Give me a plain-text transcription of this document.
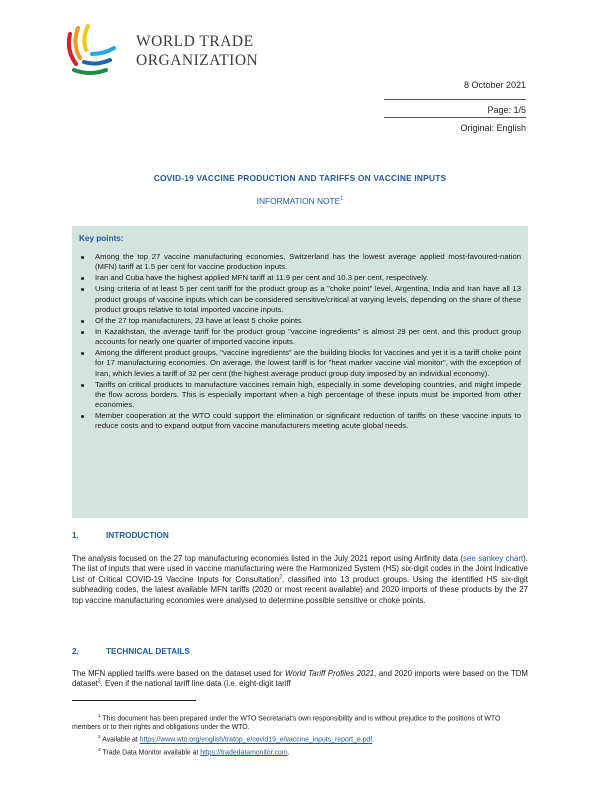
WORLD TRADE
ORGANIZATION
8 October 2021
Page: 1/5
Original: English
COVID-19 VACCINE PRODUCTION AND TARIFFS ON VACCINE INPUTS
INFORMATION NOTE$^1$
Key points:
Among the top 27 vaccine manufacturing economies, Switzerland has the lowest average applied most-favoured-nation (MFN) tariff at 1.5 per cent for vaccine production inputs.
Iran and Cuba have the highest applied MFN tariff at 11.9 per cent and 10.3 per cent, respectively.
Using criteria of at least 5 per cent tariff for the product group as a "choke point" level, Argentina, India and Iran have all 13 product groups of vaccine inputs which can be considered sensitive/critical at varying levels, depending on the share of these product groups relative to total imported vaccine inputs.
Of the 27 top manufacturers, 23 have at least 5 choke points.
In Kazakhstan, the average tariff for the product group "vaccine ingredients" is almost 29 per cent, and this product group accounts for nearly one quarter of imported vaccine inputs.
Among the different product groups, "vaccine ingredients" are the building blocks for vaccines and yet it is a tariff choke point for 17 manufacturing economies. On average, the lowest tariff is for "heat marker vaccine vial monitor", with the exception of Iran, which levies a tariff of 32 per cent (the highest average product group duty imposed by an individual economy).
Tariffs on critical products to manufacture vaccines remain high, especially in some developing countries, and might impede the flow across borders. This is especially important when a high percentage of these inputs must be imported from other economies.
Member cooperation at the WTO could support the elimination or significant reduction of tariffs on these vaccine inputs to reduce costs and to expand output from vaccine manufacturers meeting acute global needs.
1.	INTRODUCTION
The analysis focused on the 27 top manufacturing economies listed in the July 2021 report using Airfinity data (see sankey chart). The list of inputs that were used in vaccine manufacturing were the Harmonized System (HS) six-digit codes in the Joint Indicative List of Critical COVID-19 Vaccine Inputs for Consultation$^2$, classified into 13 product groups. Using the identified HS six-digit subheading codes, the latest available MFN tariffs (2020 or most recent available) and 2020 imports of these products by the 27 top vaccine manufacturing economies were analysed to determine possible sensitive or choke points.
2.	TECHNICAL DETAILS
The MFN applied tariffs were based on the dataset used for World Tariff Profiles 2021, and 2020 imports were based on the TDM dataset$^3$. Even if the national tariff line data (i.e. eight-digit tariff

$^1$ This document has been prepared under the WTO Secretariat's own responsibility and is without prejudice to the positions of WTO members or to their rights and obligations under the WTO.

$^2$ Available at https://www.wto.org/english/tratop_e/covid19_e/vaccine_inputs_report_e.pdf.

$^3$ Trade Data Monitor available at https://tradedatamonitor.com.
